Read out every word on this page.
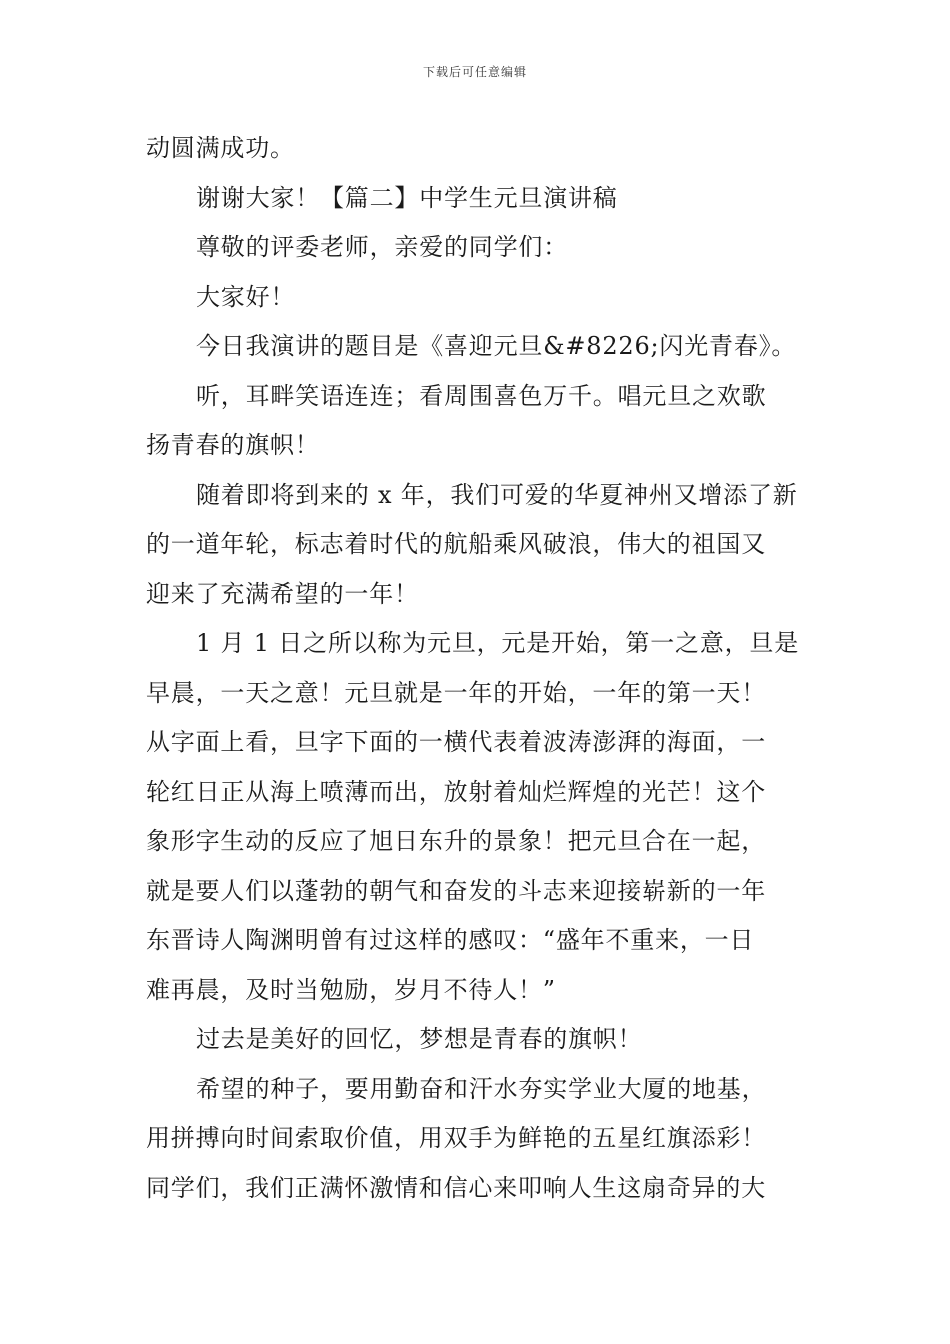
下载后可任意编辑
动圆满成功。
谢谢大家！【篇二】中学生元旦演讲稿
尊敬的评委老师，亲爱的同学们：
大家好！
今日我演讲的题目是《喜迎元旦&#8226;闪光青春》。
听，耳畔笑语连连；看周围喜色万千。唱元旦之欢歌
扬青春的旗帜！
随着即将到来的 x 年，我们可爱的华夏神州又增添了新
的一道年轮，标志着时代的航船乘风破浪，伟大的祖国又
迎来了充满希望的一年！
1 月 1 日之所以称为元旦，元是开始，第一之意，旦是
早晨，一天之意！元旦就是一年的开始，一年的第一天！
从字面上看，旦字下面的一横代表着波涛澎湃的海面，一
轮红日正从海上喷薄而出，放射着灿烂辉煌的光芒！这个
象形字生动的反应了旭日东升的景象！把元旦合在一起，
就是要人们以蓬勃的朝气和奋发的斗志来迎接崭新的一年
东晋诗人陶渊明曾有过这样的感叹：“盛年不重来，一日
难再晨，及时当勉励，岁月不待人！”
过去是美好的回忆，梦想是青春的旗帜！
希望的种子，要用勤奋和汗水夯实学业大厦的地基，
用拼搏向时间索取价值，用双手为鲜艳的五星红旗添彩！
同学们，我们正满怀激情和信心来叩响人生这扇奇异的大
